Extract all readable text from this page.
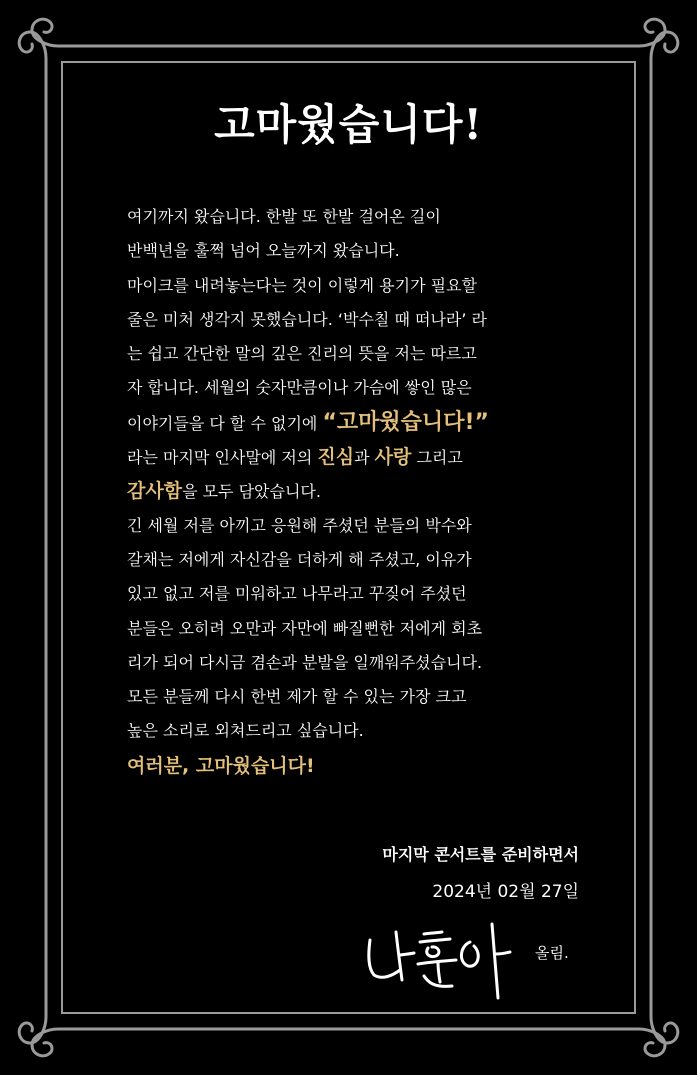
고마웠습니다!
여기까지 왔습니다. 한발 또 한발 걸어온 길이
반백년을 훌쩍 넘어 오늘까지 왔습니다.
마이크를 내려놓는다는 것이 이렇게 용기가 필요할
줄은 미처 생각지 못했습니다. ‘박수칠 때 떠나라’ 라
는 쉽고 간단한 말의 깊은 진리의 뜻을 저는 따르고
자 합니다. 세월의 숫자만큼이나 가슴에 쌓인 많은
이야기들을 다 할 수 없기에 “고마웠습니다!”
라는 마지막 인사말에 저의 진심과 사랑 그리고
감사함을 모두 담았습니다.
긴 세월 저를 아끼고 응원해 주셨던 분들의 박수와
갈채는 저에게 자신감을 더하게 해 주셨고, 이유가
있고 없고 저를 미워하고 나무라고 꾸짖어 주셨던
분들은 오히려 오만과 자만에 빠질뻔한 저에게 회초
리가 되어 다시금 겸손과 분발을 일깨워주셨습니다.
모든 분들께 다시 한번 제가 할 수 있는 가장 크고
높은 소리로 외쳐드리고 싶습니다.
여러분, 고마웠습니다!
마지막 콘서트를 준비하면서
2024년 02월 27일
올림.
